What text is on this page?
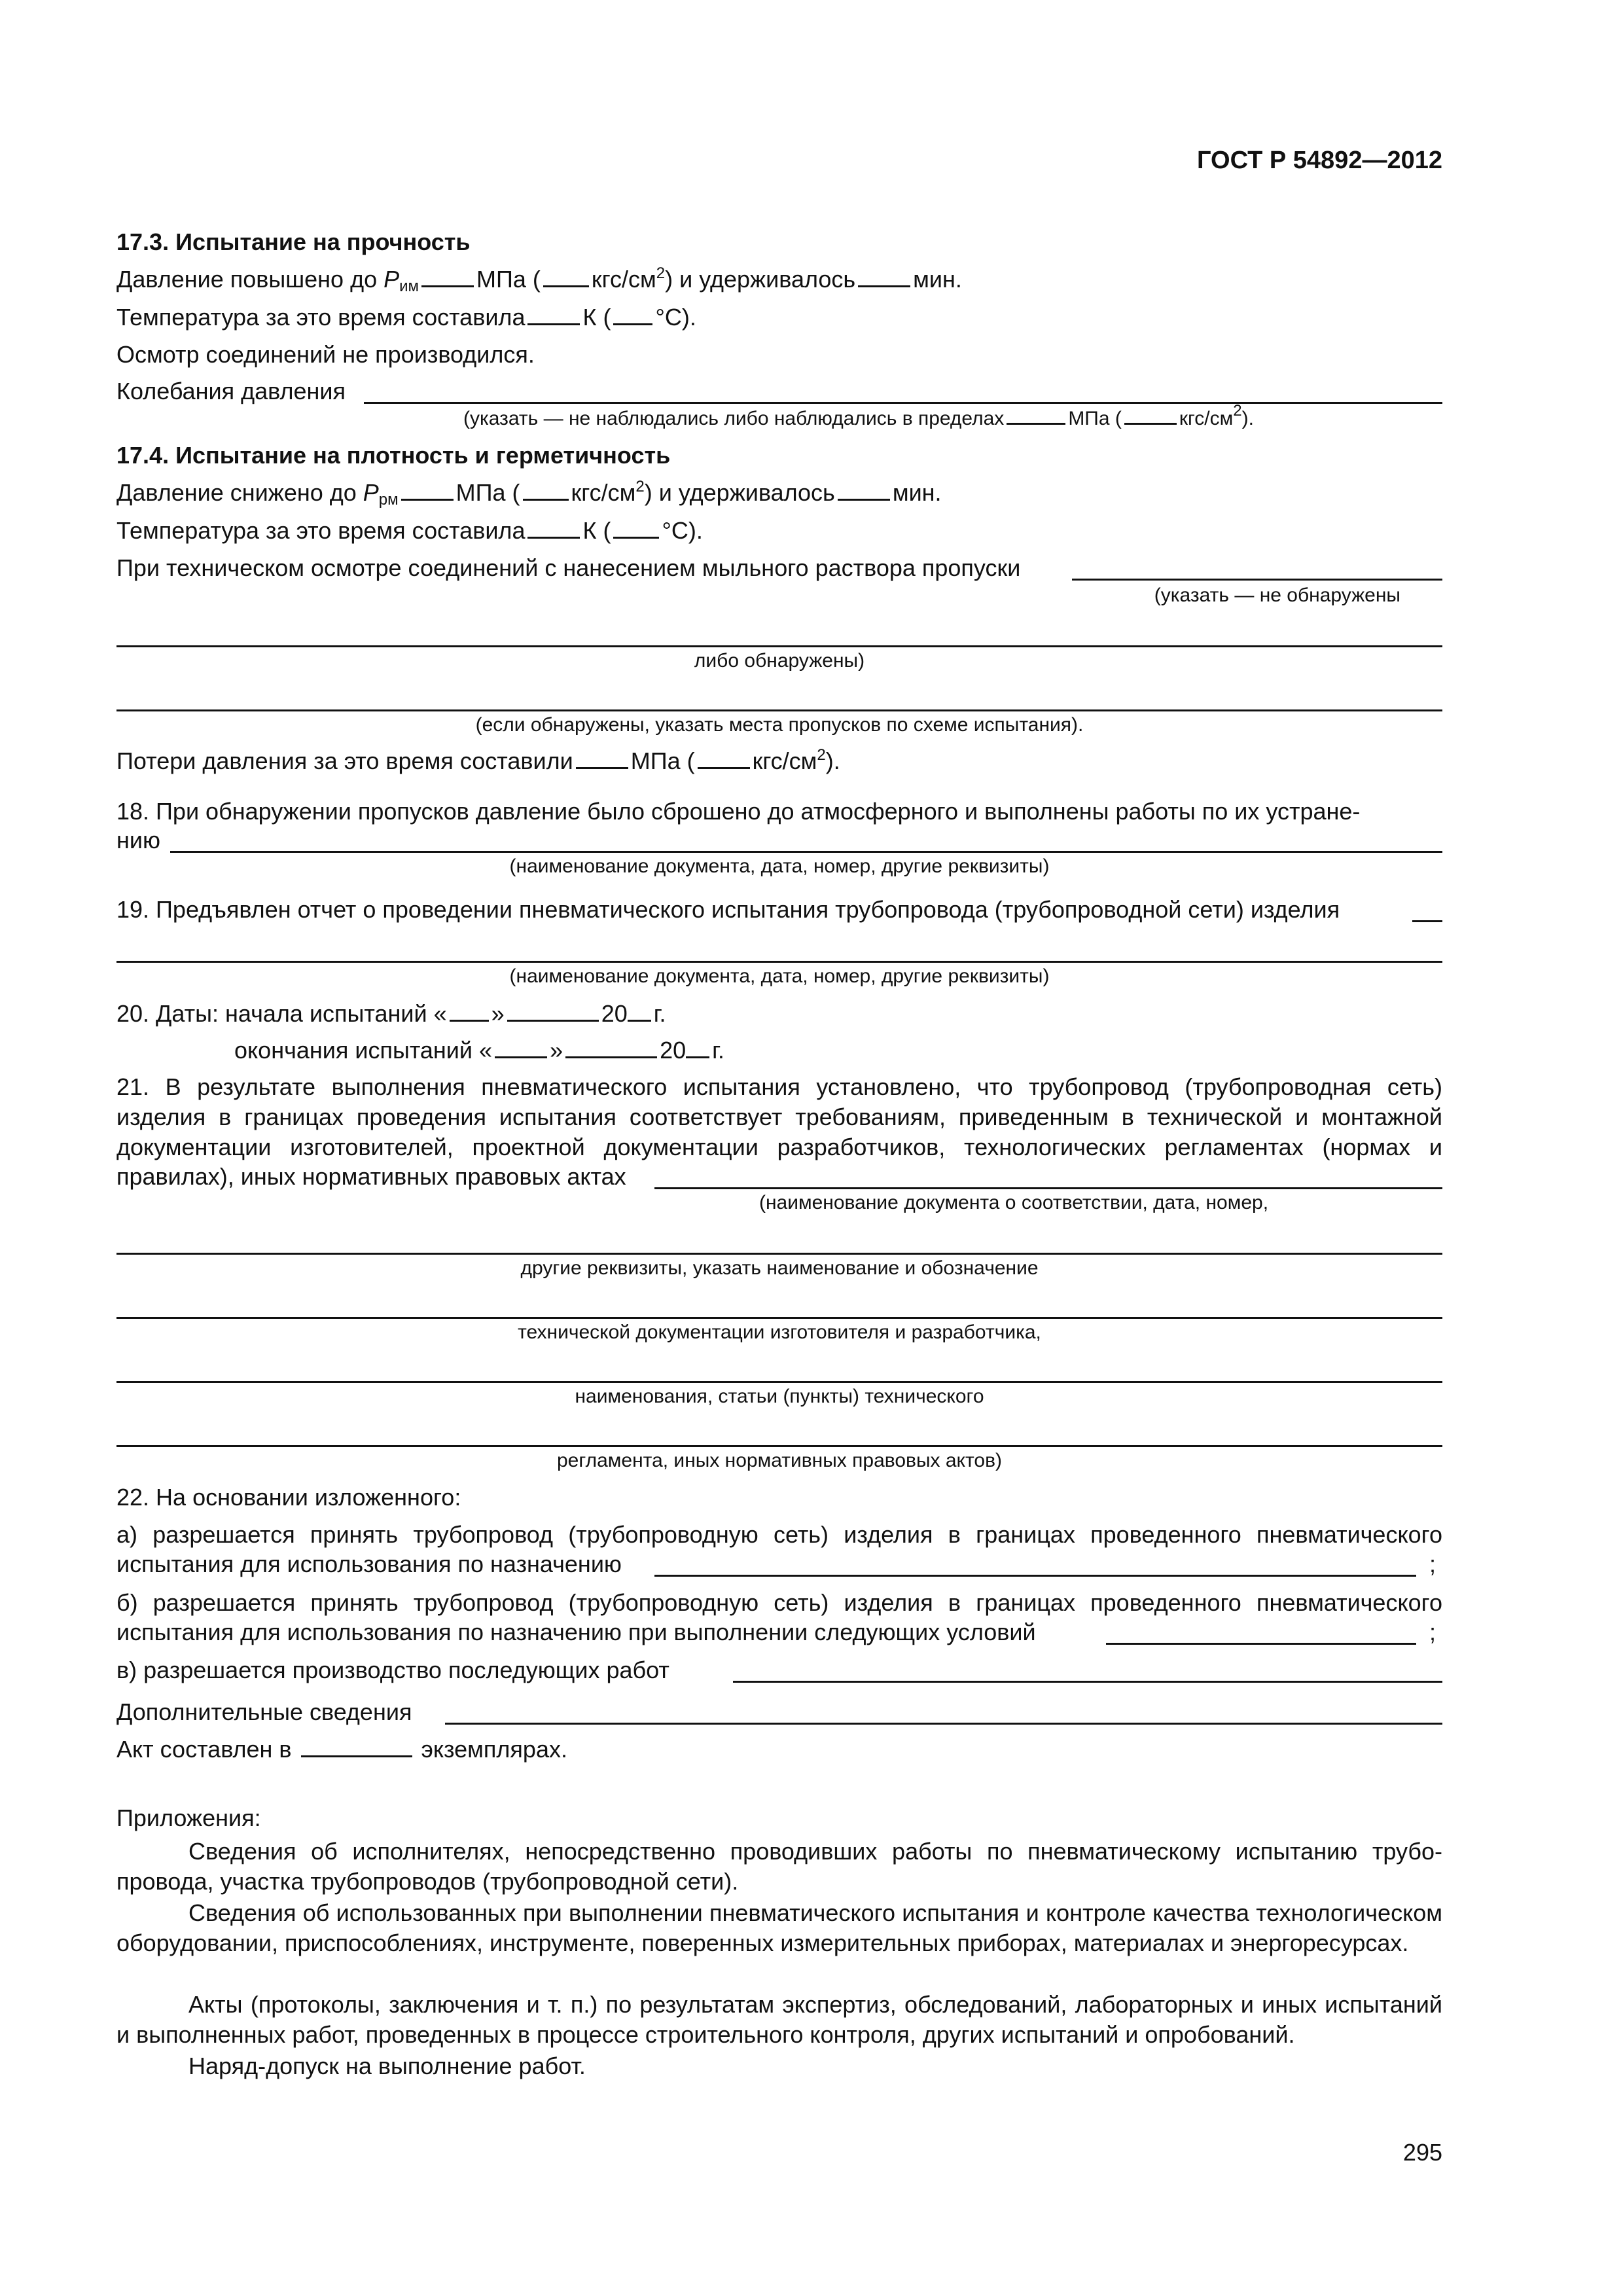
ГОСТ Р 54892—2012
17.3. Испытание на прочность
Давление повышено до $P_{им}$ МПа ( кгс/$см^2$) и удерживалось мин.
Температура за это время составила К ( °С).
Осмотр соединений не производился.
Колебания давления
(указать — не наблюдались либо наблюдались в пределах	МПа (	кгс/$см^2$).
17.4. Испытание на плотность и герметичность
Давление снижено до $P_{рм}$ МПа ( кгс/$см^2$) и удерживалось мин.
Температура за это время составила К ( °С).
При техническом осмотре соединений с нанесением мыльного раствора пропуски
(указать — не обнаружены
либо обнаружены)
(если обнаружены, указать места пропусков по схеме испытания).
Потери давления за это время составили МПа ( кгс/$см^2$).
18. При обнаружении пропусков давление было сброшено до атмосферного и выполнены работы по их устране-
нию
(наименование документа, дата, номер, другие реквизиты)
19. Предъявлен отчет о проведении пневматического испытания трубопровода (трубопроводной сети) изделия
(наименование документа, дата, номер, другие реквизиты)
20. Даты: начала испытаний « »	20 г.
окончания испытаний « »	20 г.
21. В результате выполнения пневматического испытания установлено, что трубопровод (трубопроводная сеть)
изделия в границах проведения испытания соответствует требованиям, приведенным в технической и монтажной
документации изготовителей, проектной документации разработчиков, технологических регламентах (нормах и
правилах), иных нормативных правовых актах
(наименование документа о соответствии, дата, номер,
другие реквизиты, указать наименование и обозначение
технической документации изготовителя и разработчика,
наименования, статьи (пункты) технического
регламента, иных нормативных правовых актов)
22. На основании изложенного:
а) разрешается принять трубопровод (трубопроводную сеть) изделия в границах проведенного пневматического
испытания для использования по назначению	;
б) разрешается принять трубопровод (трубопроводную сеть) изделия в границах проведенного пневматического
испытания для использования по назначению при выполнении следующих условий	;
в) разрешается производство последующих работ
Дополнительные сведения
Акт составлен в	экземплярах.
Приложения:
Сведения об исполнителях, непосредственно проводивших работы по пневматическому испытанию трубопровода, участка трубопроводов (трубопроводной сети).
Сведения об использованных при выполнении пневматического испытания и контроле качества технологическом оборудовании, приспособлениях, инструменте, поверенных измерительных приборах, материалах и энергоресурсах.
Акты (протоколы, заключения и т. п.) по результатам экспертиз, обследований, лабораторных и иных испытаний и выполненных работ, проведенных в процессе строительного контроля, других испытаний и опробований.
Наряд-допуск на выполнение работ.
295
